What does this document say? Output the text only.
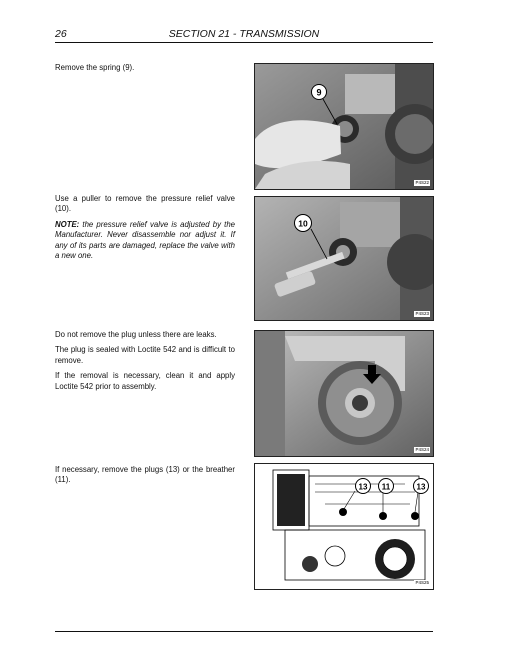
26	SECTION 21 - TRANSMISSION

Remove the spring (9).

9
P4S22

Use a puller to remove the pressure relief valve (10).

NOTE: the pressure relief valve is adjusted by the Manufacturer. Never disassemble nor adjust it. If any of its parts are damaged, replace the valve with a new one.

10
P4S23

Do not remove the plug unless there are leaks.

The plug is sealed with Loctite 542 and is difficult to remove.

If the removal is necessary, clean it and apply Loctite 542 prior to assembly.

P4S24

If necessary, remove the plugs (13) or the breather (11).

13 11	13
P4S25
